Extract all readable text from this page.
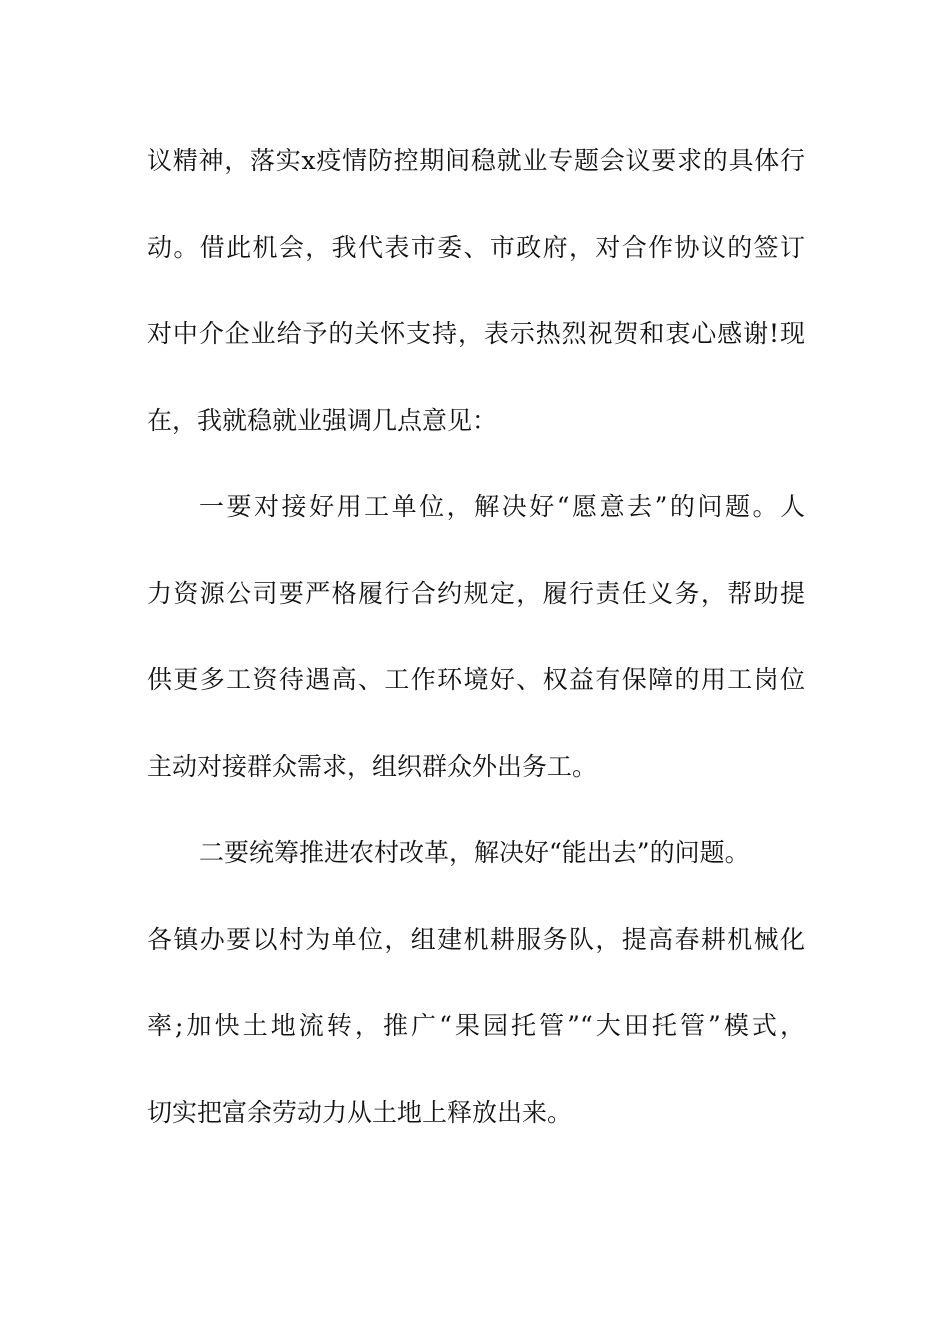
议精神，落实x疫情防控期间稳就业专题会议要求的具体行
动。借此机会，我代表市委、市政府，对合作协议的签订
对中介企业给予的关怀支持，表示热烈祝贺和衷心感谢!现
在，我就稳就业强调几点意见：
一要对接好用工单位，解决好“愿意去”的问题。人
力资源公司要严格履行合约规定，履行责任义务，帮助提
供更多工资待遇高、工作环境好、权益有保障的用工岗位
主动对接群众需求，组织群众外出务工。
二要统筹推进农村改革，解决好“能出去”的问题。
各镇办要以村为单位，组建机耕服务队，提高春耕机械化
率;加快土地流转，推广“果园托管”“大田托管”模式，
切实把富余劳动力从土地上释放出来。
